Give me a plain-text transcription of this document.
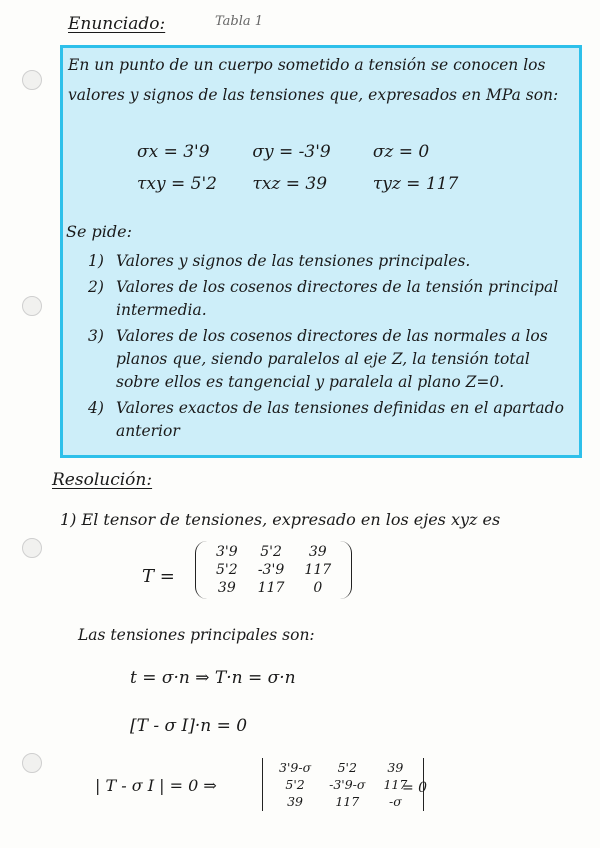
Enunciado:	Tabla 1
En un punto de un cuerpo sometido a tensión se conocen los valores y signos de las tensiones que, expresados en MPa son:
σx = 3'9	σy = -3'9 σz = 0
τxy = 5'2 τxz = 39	τyz = 117
Se pide:
1) Valores y signos de las tensiones principales.
2) Valores de los cosenos directores de la tensión principal intermedia.
3) Valores de los cosenos directores de las normales a los planos que, siendo paralelos al eje Z, la tensión total sobre ellos es tangencial y paralela al plano Z=0.
4) Valores exactos de las tensiones definidas en el apartado anterior
Resolución:
1) El tensor de tensiones, expresado en los ejes xyz es
T =
3'9	5'2	39
5'2	-3'9	117
39	117	0
Las tensiones principales son:
t = σ·n ⇒ T·n = σ·n
[T - σ I]·n = 0
| T - σ I | = 0 ⇒
3'9-σ	5'2	39
5'2	-3'9-σ	117
39	117	-σ
= 0
